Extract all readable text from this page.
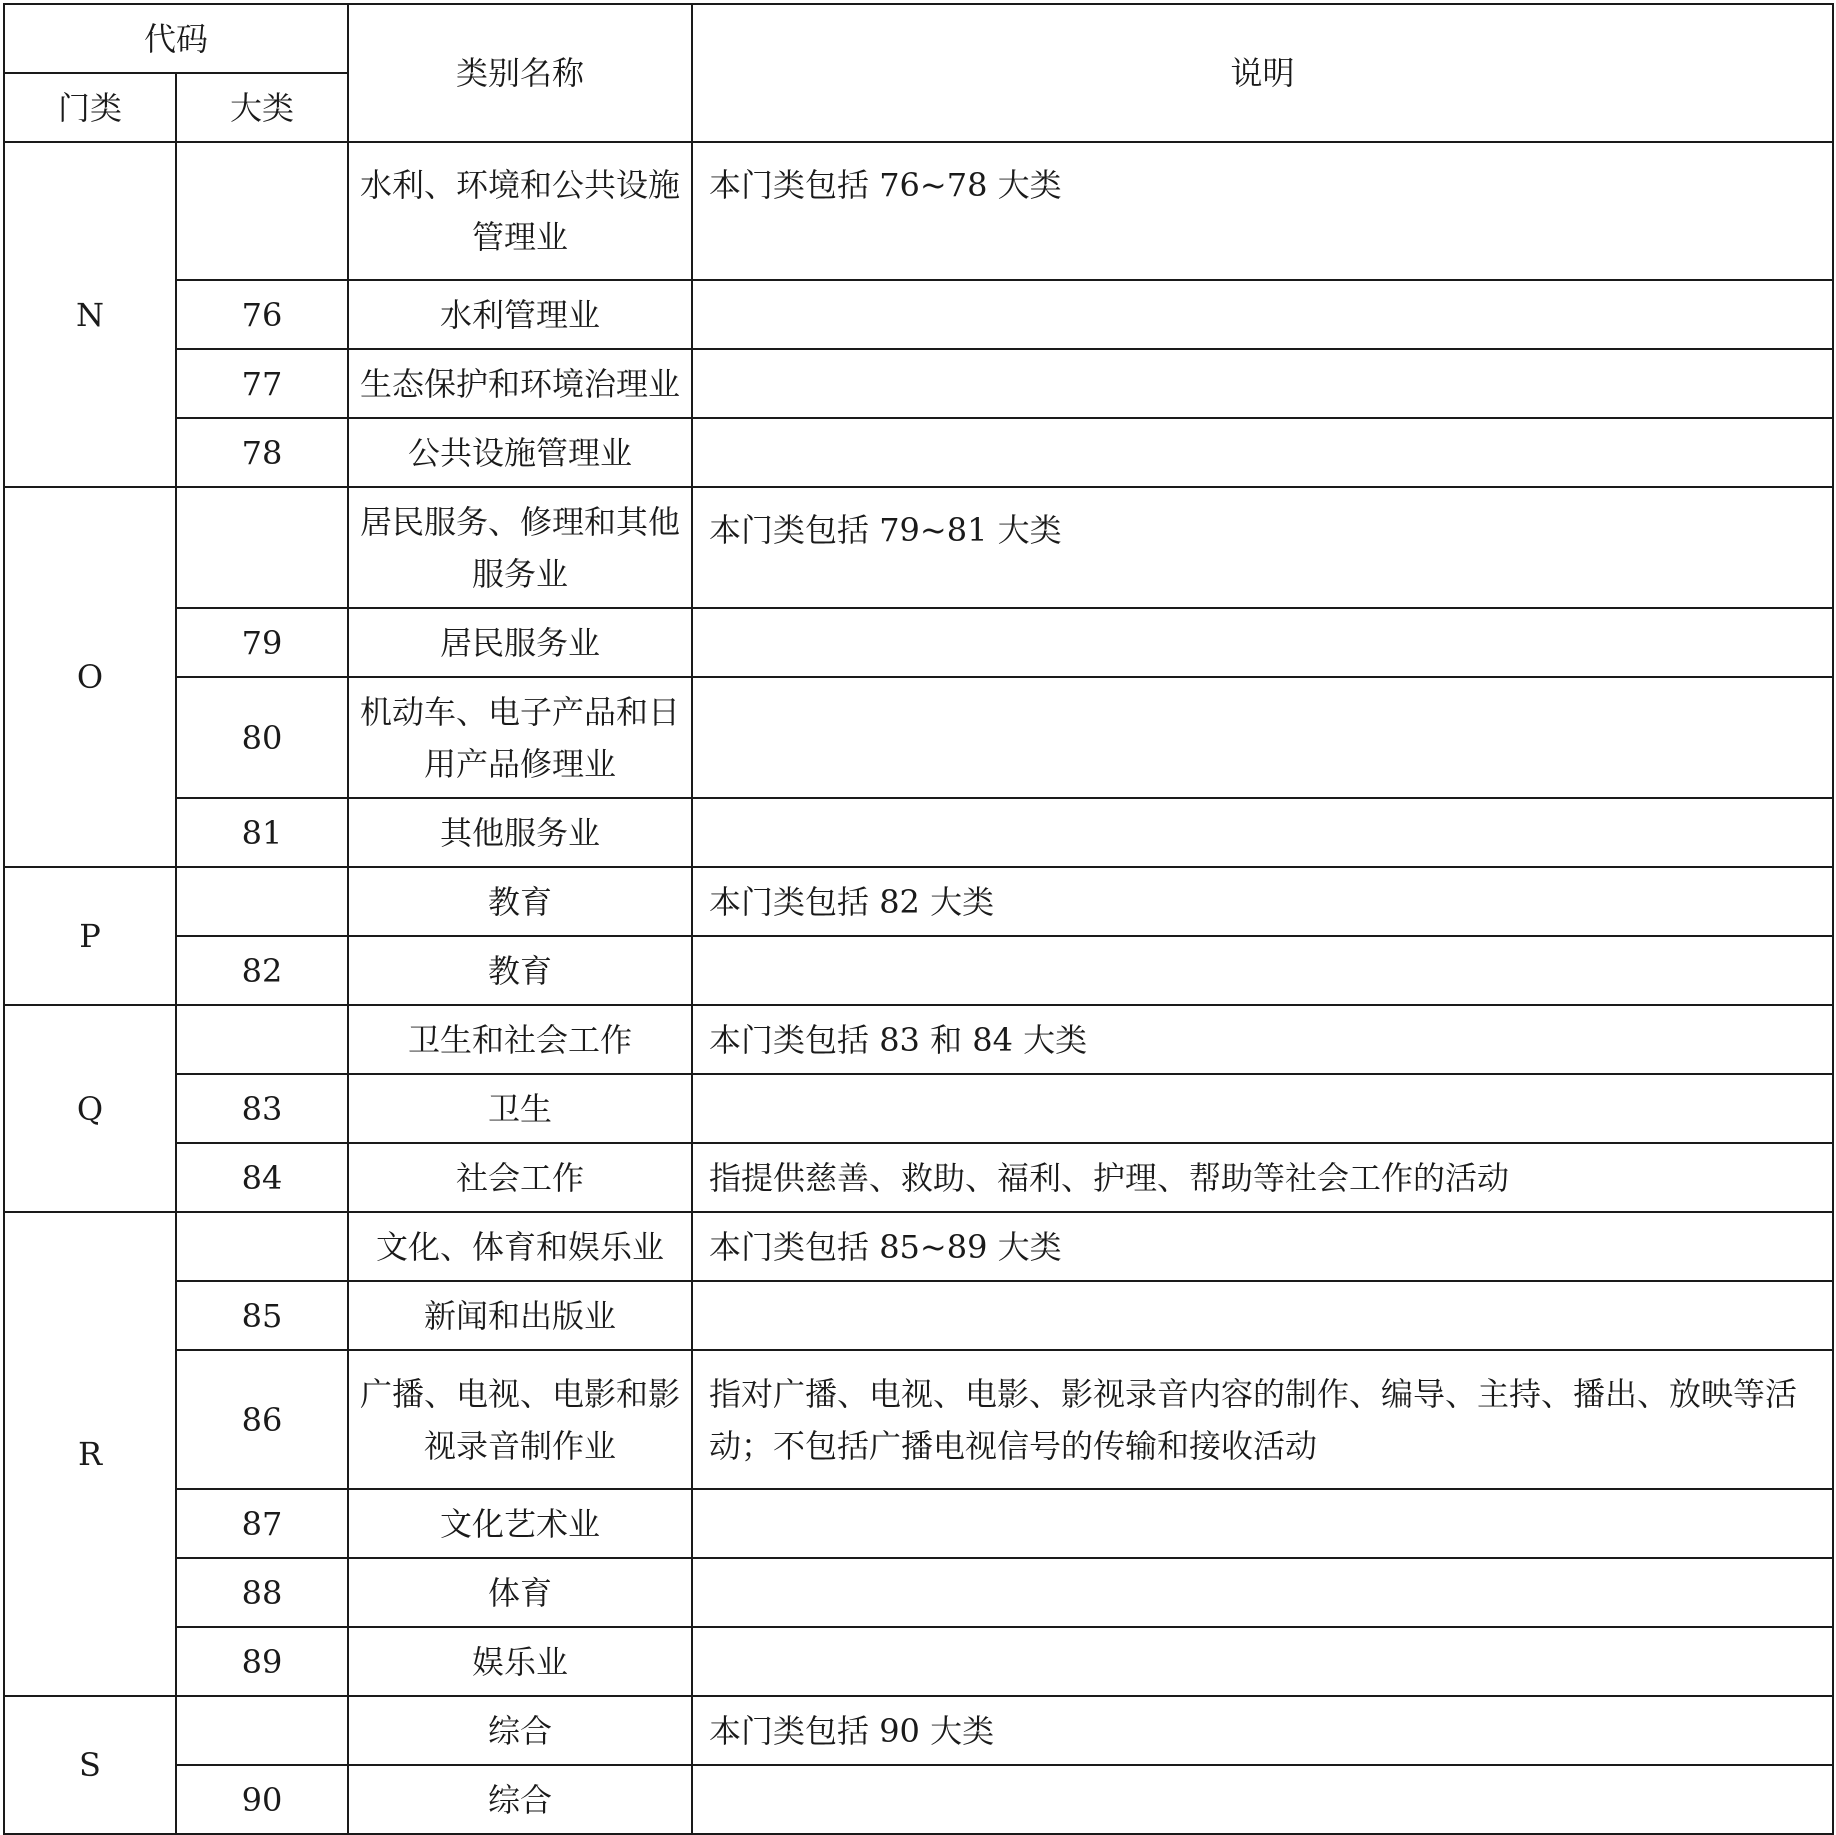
代码		类别名称	说明
门类	大类		
N		水利、环境和公共设施管理业	本门类包括 76~78 大类
	76	水利管理业	
	77	生态保护和环境治理业	
	78	公共设施管理业	
O		居民服务、修理和其他服务业	本门类包括 79~81 大类
	79	居民服务业	
	80	机动车、电子产品和日用产品修理业	
	81	其他服务业	
P		教育	本门类包括 82 大类
	82	教育	
Q		卫生和社会工作	本门类包括 83 和 84 大类
	83	卫生	
	84	社会工作	指提供慈善、救助、福利、护理、帮助等社会工作的活动
R		文化、体育和娱乐业	本门类包括 85~89 大类
	85	新闻和出版业	
	86	广播、电视、电影和影视录音制作业	指对广播、电视、电影、影视录音内容的制作、编导、主持、播出、放映等活动；不包括广播电视信号的传输和接收活动
	87	文化艺术业	
	88	体育	
	89	娱乐业	
S		综合	本门类包括 90 大类
	90	综合	
